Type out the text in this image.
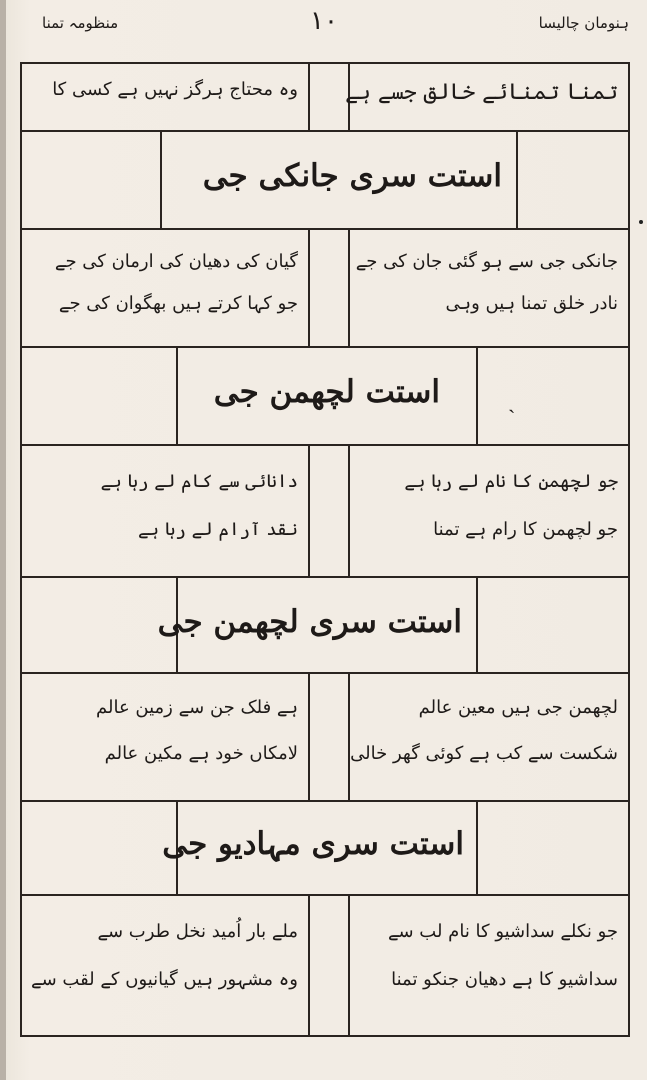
ہنومان چالیسا
۱۰
منظومہ تمنا
تمنا تمنائے خالق جسے ہے
وہ محتاج ہرگز نہیں ہے کسی کا
استت سری جانکی جی
جانکی جی سے ہو گئی جان کی جے
نادر خلق تمنا ہیں وہی
گیان کی دھیان کی ارمان کی جے
جو کہا کرتے ہیں بھگوان کی جے
استت لچھمن جی	ˏ
جو لچھمن کا نام لے رہا ہے
جو لچھمن کا رام ہے تمنا
دانائی سے کام لے رہا ہے
نقد آرام لے رہا ہے
استت سری لچھمن جی
لچھمن جی ہیں معین عالم
شکست سے کب ہے کوئی گھر خالی
ہے فلک جن سے زمین عالم
لامکاں خود ہے مکین عالم
استت سری مہادیو جی
جو نکلے سداشیو کا نام لب سے
سداشیو کا ہے دھیان جنکو تمنا
ملے بار اُمید نخل طرب سے
وہ مشہور ہیں گیانیوں کے لقب سے
